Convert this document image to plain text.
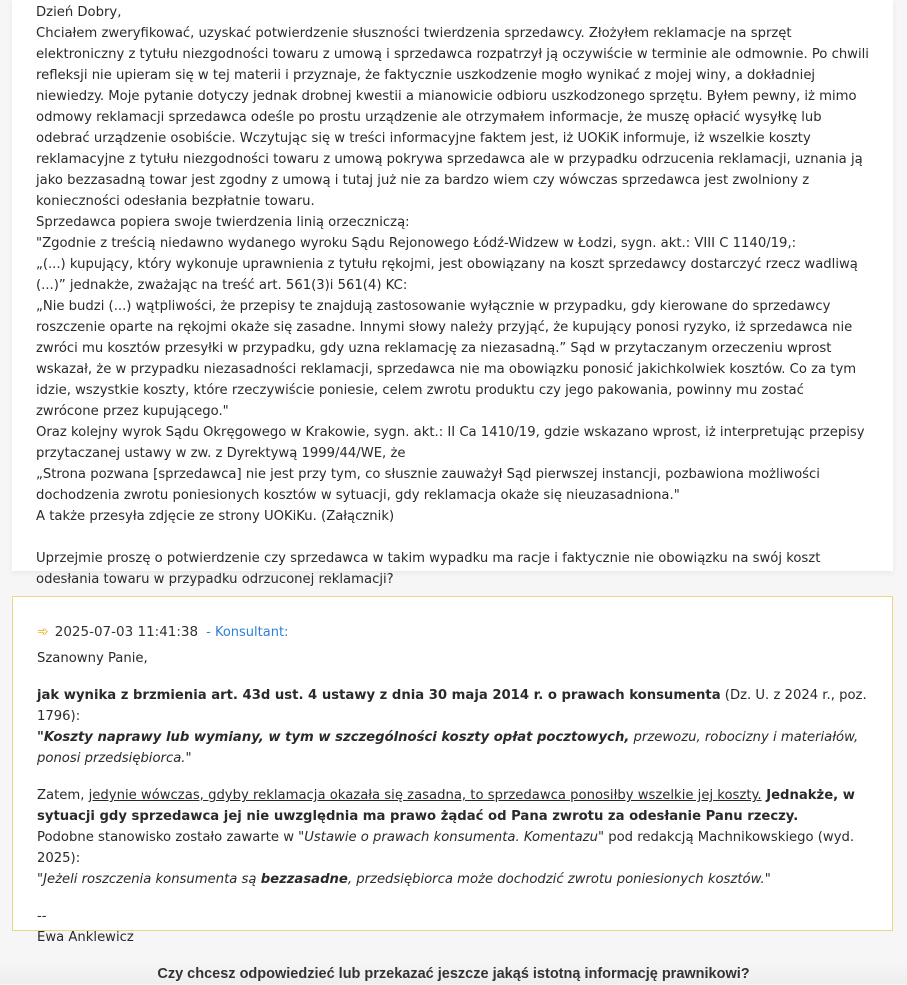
Dzień Dobry,

Chciałem zweryfikować, uzyskać potwierdzenie słuszności twierdzenia sprzedawcy. Złożyłem reklamacje na sprzęt elektroniczny z tytułu niezgodności towaru z umową i sprzedawca rozpatrzył ją oczywiście w terminie ale odmownie. Po chwili refleksji nie upieram się w tej materii i przyznaje, że faktycznie uszkodzenie mogło wynikać z mojej winy, a dokładniej niewiedzy. Moje pytanie dotyczy jednak drobnej kwestii a mianowicie odbioru uszkodzonego sprzętu. Byłem pewny, iż mimo odmowy reklamacji sprzedawca odeśle po prostu urządzenie ale otrzymałem informacje, że muszę opłacić wysyłkę lub odebrać urządzenie osobiście. Wczytując się w treści informacyjne faktem jest, iż UOKiK informuje, iż wszelkie koszty reklamacyjne z tytułu niezgodności towaru z umową pokrywa sprzedawca ale w przypadku odrzucenia reklamacji, uznania ją jako bezzasadną towar jest zgodny z umową i tutaj już nie za bardzo wiem czy wówczas sprzedawca jest zwolniony z konieczności odesłania bezpłatnie towaru.

Sprzedawca popiera swoje twierdzenia linią orzeczniczą:

"Zgodnie z treścią niedawno wydanego wyroku Sądu Rejonowego Łódź-Widzew w Łodzi, sygn. akt.: VIII C 1140/19,:

„(...) kupujący, który wykonuje uprawnienia z tytułu rękojmi, jest obowiązany na koszt sprzedawcy dostarczyć rzecz wadliwą (...)” jednakże, zważając na treść art. 561(3)i 561(4) KC:

„Nie budzi (...) wątpliwości, że przepisy te znajdują zastosowanie wyłącznie w przypadku, gdy kierowane do sprzedawcy roszczenie oparte na rękojmi okaże się zasadne. Innymi słowy należy przyjąć, że kupujący ponosi ryzyko, iż sprzedawca nie zwróci mu kosztów przesyłki w przypadku, gdy uzna reklamację za niezasadną.” Sąd w przytaczanym orzeczeniu wprost wskazał, że w przypadku niezasadności reklamacji, sprzedawca nie ma obowiązku ponosić jakichkolwiek kosztów. Co za tym idzie, wszystkie koszty, które rzeczywiście poniesie, celem zwrotu produktu czy jego pakowania, powinny mu zostać zwrócone przez kupującego."

Oraz kolejny wyrok Sądu Okręgowego w Krakowie, sygn. akt.: II Ca 1410/19, gdzie wskazano wprost, iż interpretując przepisy przytaczanej ustawy w zw. z Dyrektywą 1999/44/WE, że

„Strona pozwana [sprzedawca] nie jest przy tym, co słusznie zauważył Sąd pierwszej instancji, pozbawiona możliwości dochodzenia zwrotu poniesionych kosztów w sytuacji, gdy reklamacja okaże się nieuzasadniona."

A także przesyła zdjęcie ze strony UOKiKu. (Załącznik)

Uprzejmie proszę o potwierdzenie czy sprzedawca w takim wypadku ma racje i faktycznie nie obowiązku na swój koszt odesłania towaru w przypadku odrzuconej reklamacji?

➾ 2025-07-03 11:41:38 - Konsultant:

Szanowny Panie,

jak wynika z brzmienia art. 43d ust. 4 ustawy z dnia 30 maja 2014 r. o prawach konsumenta (Dz. U. z 2024 r., poz. 1796):
"Koszty naprawy lub wymiany, w tym w szczególności koszty opłat pocztowych, przewozu, robocizny i materiałów, ponosi przedsiębiorca."

Zatem, jedynie wówczas, gdyby reklamacja okazała się zasadna, to sprzedawca ponosiłby wszelkie jej koszty. Jednakże, w sytuacji gdy sprzedawca jej nie uwzględnia ma prawo żądać od Pana zwrotu za odesłanie Panu rzeczy.

Podobne stanowisko zostało zawarte w "Ustawie o prawach konsumenta. Komentazu" pod redakcją Machnikowskiego (wyd. 2025):

"Jeżeli roszczenia konsumenta są bezzasadne, przedsiębiorca może dochodzić zwrotu poniesionych kosztów."

--

Ewa Anklewicz

Czy chcesz odpowiedzieć lub przekazać jeszcze jakąś istotną informację prawnikowi?
